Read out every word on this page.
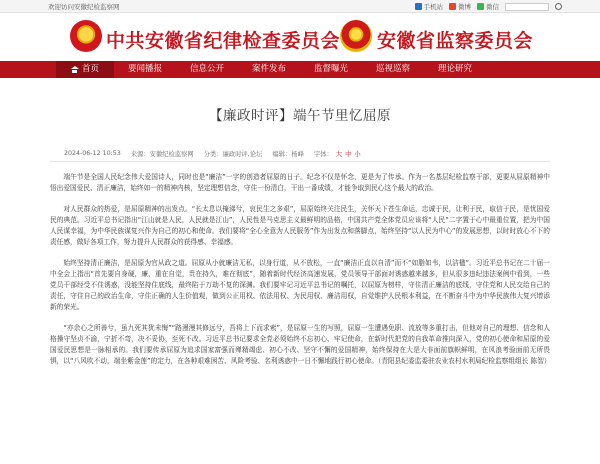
欢迎访问安徽纪检监察网	手机站 微博 微信
中共安徽省纪律检查委员会 安徽省监察委员会
首页	要闻播报	信息公开	案件发布	监督曝光	巡视巡察	理论研究
【廉政时评】端午节里忆屈原
2024-06-12 10:53 来源：安徽纪检监察网 分类：廉政时评,论坛 编辑：杨峰 字体： 大 中 小

端午节是全国人民纪念伟大爱国诗人，同时也是“廉洁”一字的创造者屈原的日子。纪念不仅是怀念，更是为了传承。作为一名基层纪检监察干部，更要从屈原精神中悟出爱国爱民、清正廉洁，始终如一的精神内核，坚定理想信念，守住一份清白，干出一番成绩，才能争取到民心这个最大的政治。

对人民群众的热爱，是屈原精神的出发点。“长太息以掩涕兮，哀民生之多艰”，屈原始终关注民生，关怀天下苍生命运，忠诚于民，让利于民，取信于民，是忧国爱民的典范。习近平总书记指出“江山就是人民，人民就是江山”，人民性是马克思主义最鲜明的品格，中国共产党全体党员应该将“人民”二字置于心中最重位置，把为中国人民谋幸福，为中华民族谋复兴作为自己的初心和使命。我们要将“全心全意为人民服务”作为出发点和落脚点，始终坚持“以人民为中心”的发展思想，以时时放心不下的责任感，做好各项工作，努力提升人民群众的获得感、幸福感。

始终坚持清正廉洁，是屈原为官从政之道。屈原从小就廉洁无私，以身行道，从不放松，一直“廉洁正直以自清”而不“如脂如韦，以洁楹”。习近平总书记在二十届一中全会上指出“首先要自身硬，廉，重在自觉，贵在持久，难在彻底”，随着新时代经济高速发展，党员领导干部面对诱惑越来越多，但从很多违纪违法案例中看到，一些党员干部经受不住诱惑，没能坚持住底线，最终陷于万劫不复的深渊。我们要牢记习近平总书记的嘱托，以屈原为榜样，守住清正廉洁的底线，守住党和人民交给自己的责任，守住自己的政治生命，守住正确的人生价值观，做到公正用权、依法用权、为民用权、廉洁用权，自觉维护人民根本利益，在不断奋斗中为中华民族伟大复兴增添新的荣光。

“亦余心之所善兮，虽九死其犹未悔”“路漫漫其修远兮，吾将上下而求索”，是屈原一生的写照，屈原一生遭遇免职、流放等多重打击，但他对自己的理想、信念和人格操守坚贞不渝，宁折不弯，决不妥协，至死不改。习近平总书记要求全党必须始终不忘初心、牢记使命，在新时代把党的自我革命推向深入，党的初心使命和屈原的爱国爱民思想是一脉相承的。我们要传承屈原为追求国家富强而殚精竭虑、初心不改、坚守不懈的爱国精神，始终保持在大是大非面前旗帜鲜明，在风浪考验面前无所畏惧，以“八风吹不动，端坐紫金莲”的定力，在各种艰难困苦、风险考验、名利诱惑中一日不懈地践行初心使命。（青阳县纪委监委驻农业农村水利局纪检监察组组长 陈智）
